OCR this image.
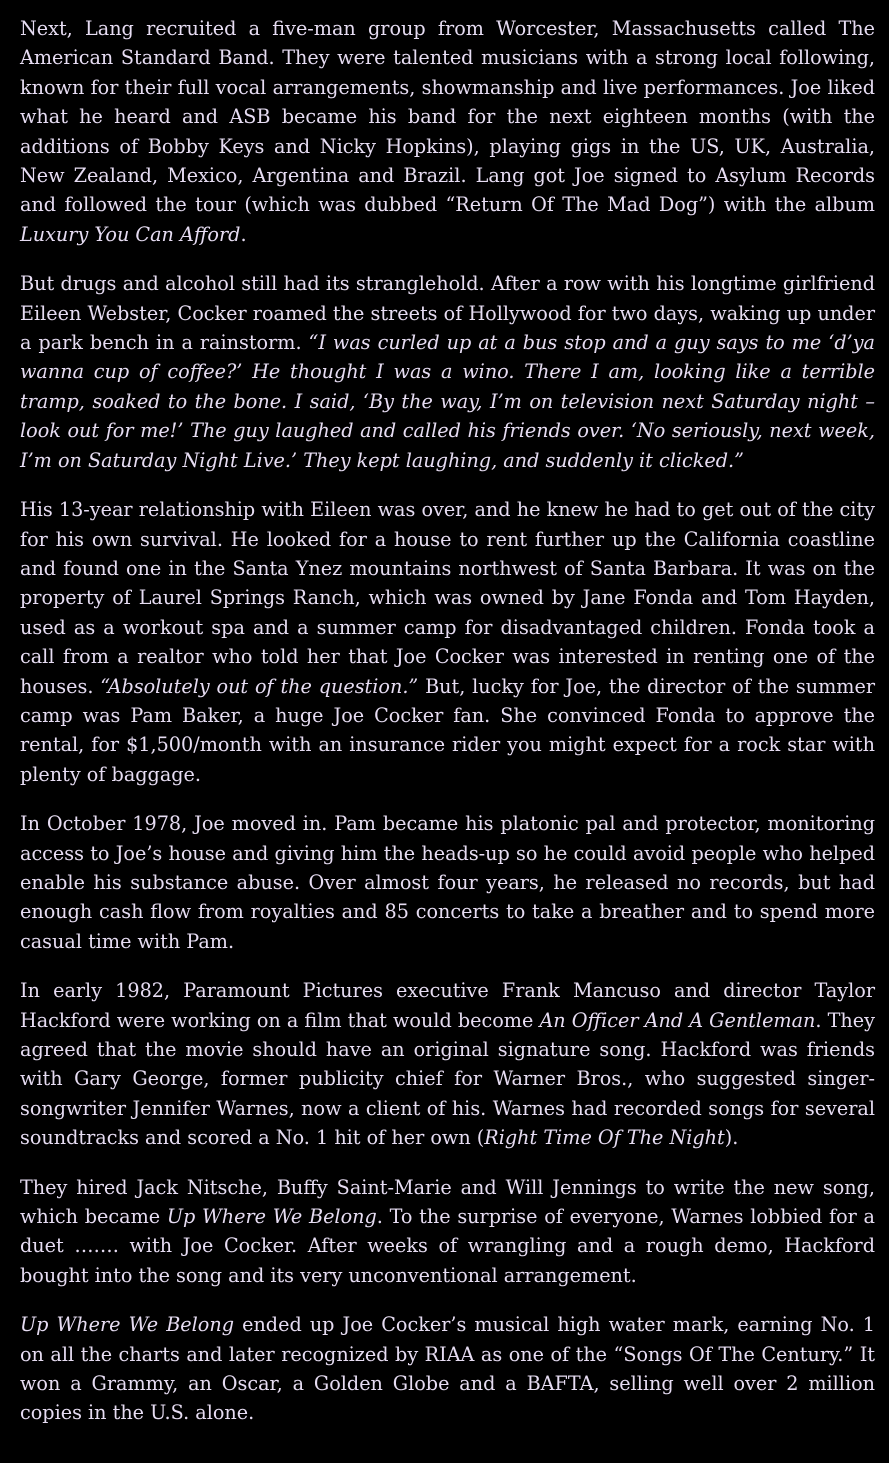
Next, Lang recruited a five-man group from Worcester, Massachusetts called The American Standard Band. They were talented musicians with a strong local following, known for their full vocal arrangements, showmanship and live performances. Joe liked what he heard and ASB became his band for the next eighteen months (with the additions of Bobby Keys and Nicky Hopkins), playing gigs in the US, UK, Australia, New Zealand, Mexico, Argentina and Brazil. Lang got Joe signed to Asylum Records and followed the tour (which was dubbed “Return Of The Mad Dog”) with the album Luxury You Can Afford.

But drugs and alcohol still had its stranglehold. After a row with his longtime girlfriend Eileen Webster, Cocker roamed the streets of Hollywood for two days, waking up under a park bench in a rainstorm. “I was curled up at a bus stop and a guy says to me ‘d’ya wanna cup of coffee?’ He thought I was a wino. There I am, looking like a terrible tramp, soaked to the bone. I said, ‘By the way, I’m on television next Saturday night – look out for me!’ The guy laughed and called his friends over. ‘No seriously, next week, I’m on Saturday Night Live.’ They kept laughing, and suddenly it clicked.”

His 13-year relationship with Eileen was over, and he knew he had to get out of the city for his own survival. He looked for a house to rent further up the California coastline and found one in the Santa Ynez mountains northwest of Santa Barbara. It was on the property of Laurel Springs Ranch, which was owned by Jane Fonda and Tom Hayden, used as a workout spa and a summer camp for disadvantaged children. Fonda took a call from a realtor who told her that Joe Cocker was interested in renting one of the houses. “Absolutely out of the question.” But, lucky for Joe, the director of the summer camp was Pam Baker, a huge Joe Cocker fan. She convinced Fonda to approve the rental, for $1,500/month with an insurance rider you might expect for a rock star with plenty of baggage.

In October 1978, Joe moved in. Pam became his platonic pal and protector, monitoring access to Joe’s house and giving him the heads-up so he could avoid people who helped enable his substance abuse. Over almost four years, he released no records, but had enough cash flow from royalties and 85 concerts to take a breather and to spend more casual time with Pam.

In early 1982, Paramount Pictures executive Frank Mancuso and director Taylor Hackford were working on a film that would become An Officer And A Gentleman. They agreed that the movie should have an original signature song. Hackford was friends with Gary George, former publicity chief for Warner Bros., who suggested singer-songwriter Jennifer Warnes, now a client of his. Warnes had recorded songs for several soundtracks and scored a No. 1 hit of her own (Right Time Of The Night).

They hired Jack Nitsche, Buffy Saint-Marie and Will Jennings to write the new song, which became Up Where We Belong. To the surprise of everyone, Warnes lobbied for a duet ……. with Joe Cocker. After weeks of wrangling and a rough demo, Hackford bought into the song and its very unconventional arrangement.

Up Where We Belong ended up Joe Cocker’s musical high water mark, earning No. 1 on all the charts and later recognized by RIAA as one of the “Songs Of The Century.” It won a Grammy, an Oscar, a Golden Globe and a BAFTA, selling well over 2 million copies in the U.S. alone.
